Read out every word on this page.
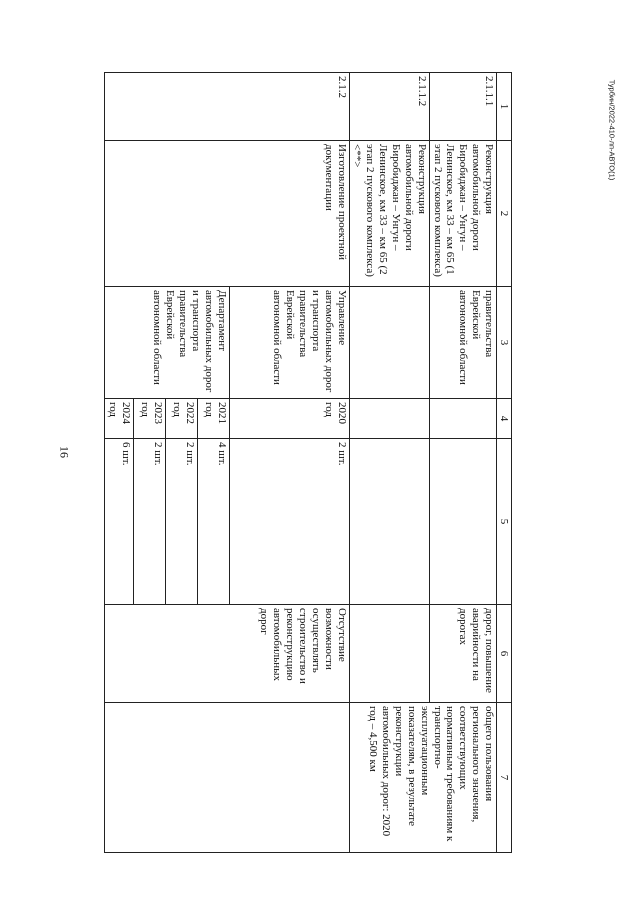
16
Турбин/2022-410-лп-АВТО(1)
1	2	3	4	5	6	7
2.1.1.1	Реконструкция автомобильной дороги Биробиджан – Унгун – Ленинское, км 33 – км 65 (1 этап 2 пускового комплекса)	правительства Еврейской автономной области			дорог, повышение аварийности на дорогах	общего пользования регионального значения, соответствующих нормативным требованиям к транспортно-эксплуатационным показателям, в результате реконструкции автомобильных дорог: 2020 год – 4,500 км
2.1.1.2	Реконструкция автомобильной дороги Биробиджан – Унгун – Ленинское, км 33 – км 65 (2 этап 2 пускового комплекса) <**>					
2.1.2	Изготовление проектной документации	Управление автомобильных дорог и транспорта правительства Еврейской автономной области	2020 год	2 шт.	Отсутствие возможности осуществлять строительство и реконструкцию автомобильных дорог	
		Департамент автомобильных дорог и транспорта правительства Еврейской автономной области	2021 год	4 шт.		
			2022 год	2 шт.		
			2023 год	2 шт.		
			2024 год	6 шт.		
